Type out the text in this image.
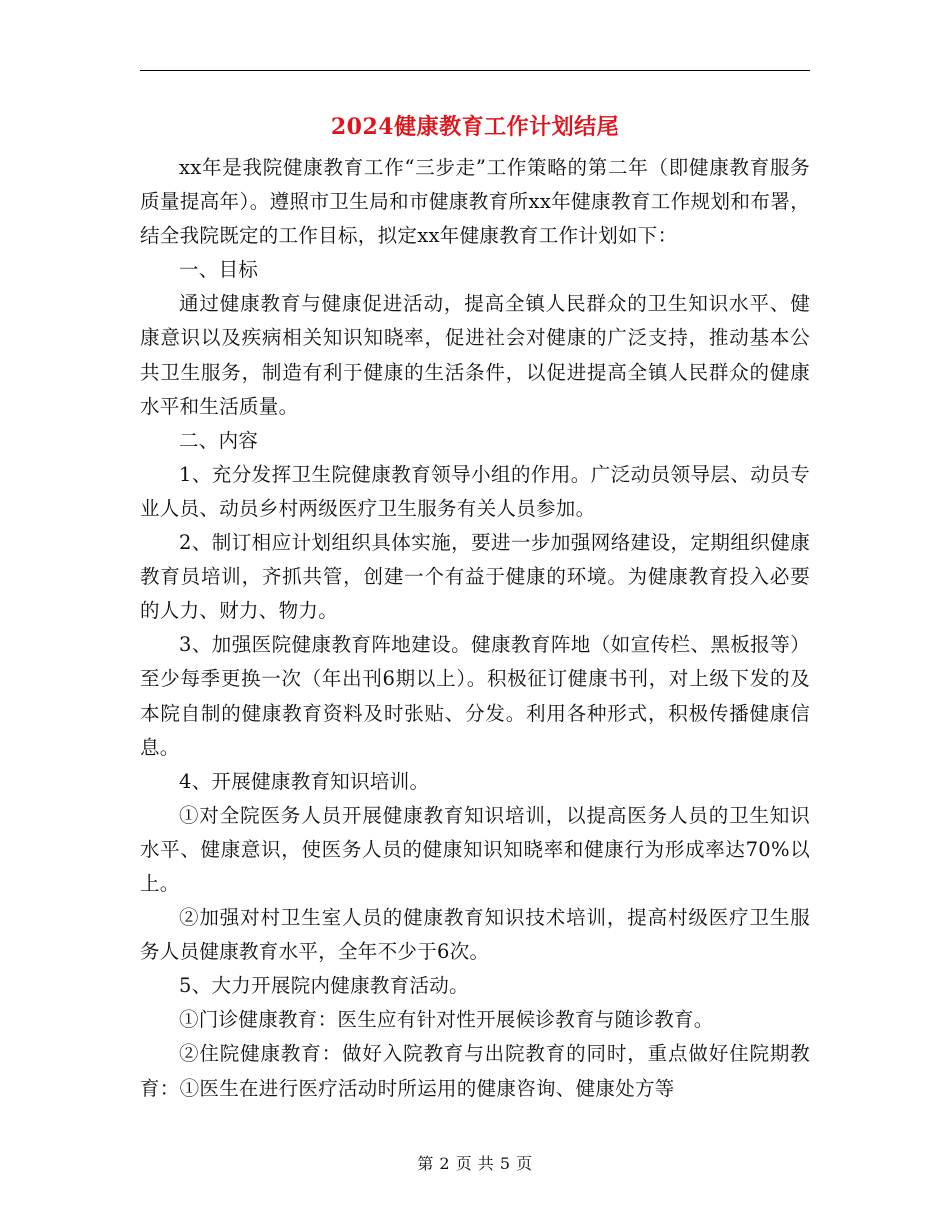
2024健康教育工作计划结尾

xx年是我院健康教育工作“三步走”工作策略的第二年（即健康教育服务质量提高年）。遵照市卫生局和市健康教育所xx年健康教育工作规划和布署，结全我院既定的工作目标，拟定xx年健康教育工作计划如下：

一、目标

通过健康教育与健康促进活动，提高全镇人民群众的卫生知识水平、健康意识以及疾病相关知识知晓率，促进社会对健康的广泛支持，推动基本公共卫生服务，制造有利于健康的生活条件，以促进提高全镇人民群众的健康水平和生活质量。

二、内容

1、充分发挥卫生院健康教育领导小组的作用。广泛动员领导层、动员专业人员、动员乡村两级医疗卫生服务有关人员参加。

2、制订相应计划组织具体实施，要进一步加强网络建设，定期组织健康教育员培训，齐抓共管，创建一个有益于健康的环境。为健康教育投入必要的人力、财力、物力。

3、加强医院健康教育阵地建设。健康教育阵地（如宣传栏、黑板报等）至少每季更换一次（年出刊6期以上）。积极征订健康书刊，对上级下发的及本院自制的健康教育资料及时张贴、分发。利用各种形式，积极传播健康信息。

4、开展健康教育知识培训。

①对全院医务人员开展健康教育知识培训，以提高医务人员的卫生知识水平、健康意识，使医务人员的健康知识知晓率和健康行为形成率达70%以上。

②加强对村卫生室人员的健康教育知识技术培训，提高村级医疗卫生服务人员健康教育水平，全年不少于6次。

5、大力开展院内健康教育活动。

①门诊健康教育：医生应有针对性开展候诊教育与随诊教育。

②住院健康教育：做好入院教育与出院教育的同时，重点做好住院期教育：①医生在进行医疗活动时所运用的健康咨询、健康处方等

第 2 页 共 5 页
